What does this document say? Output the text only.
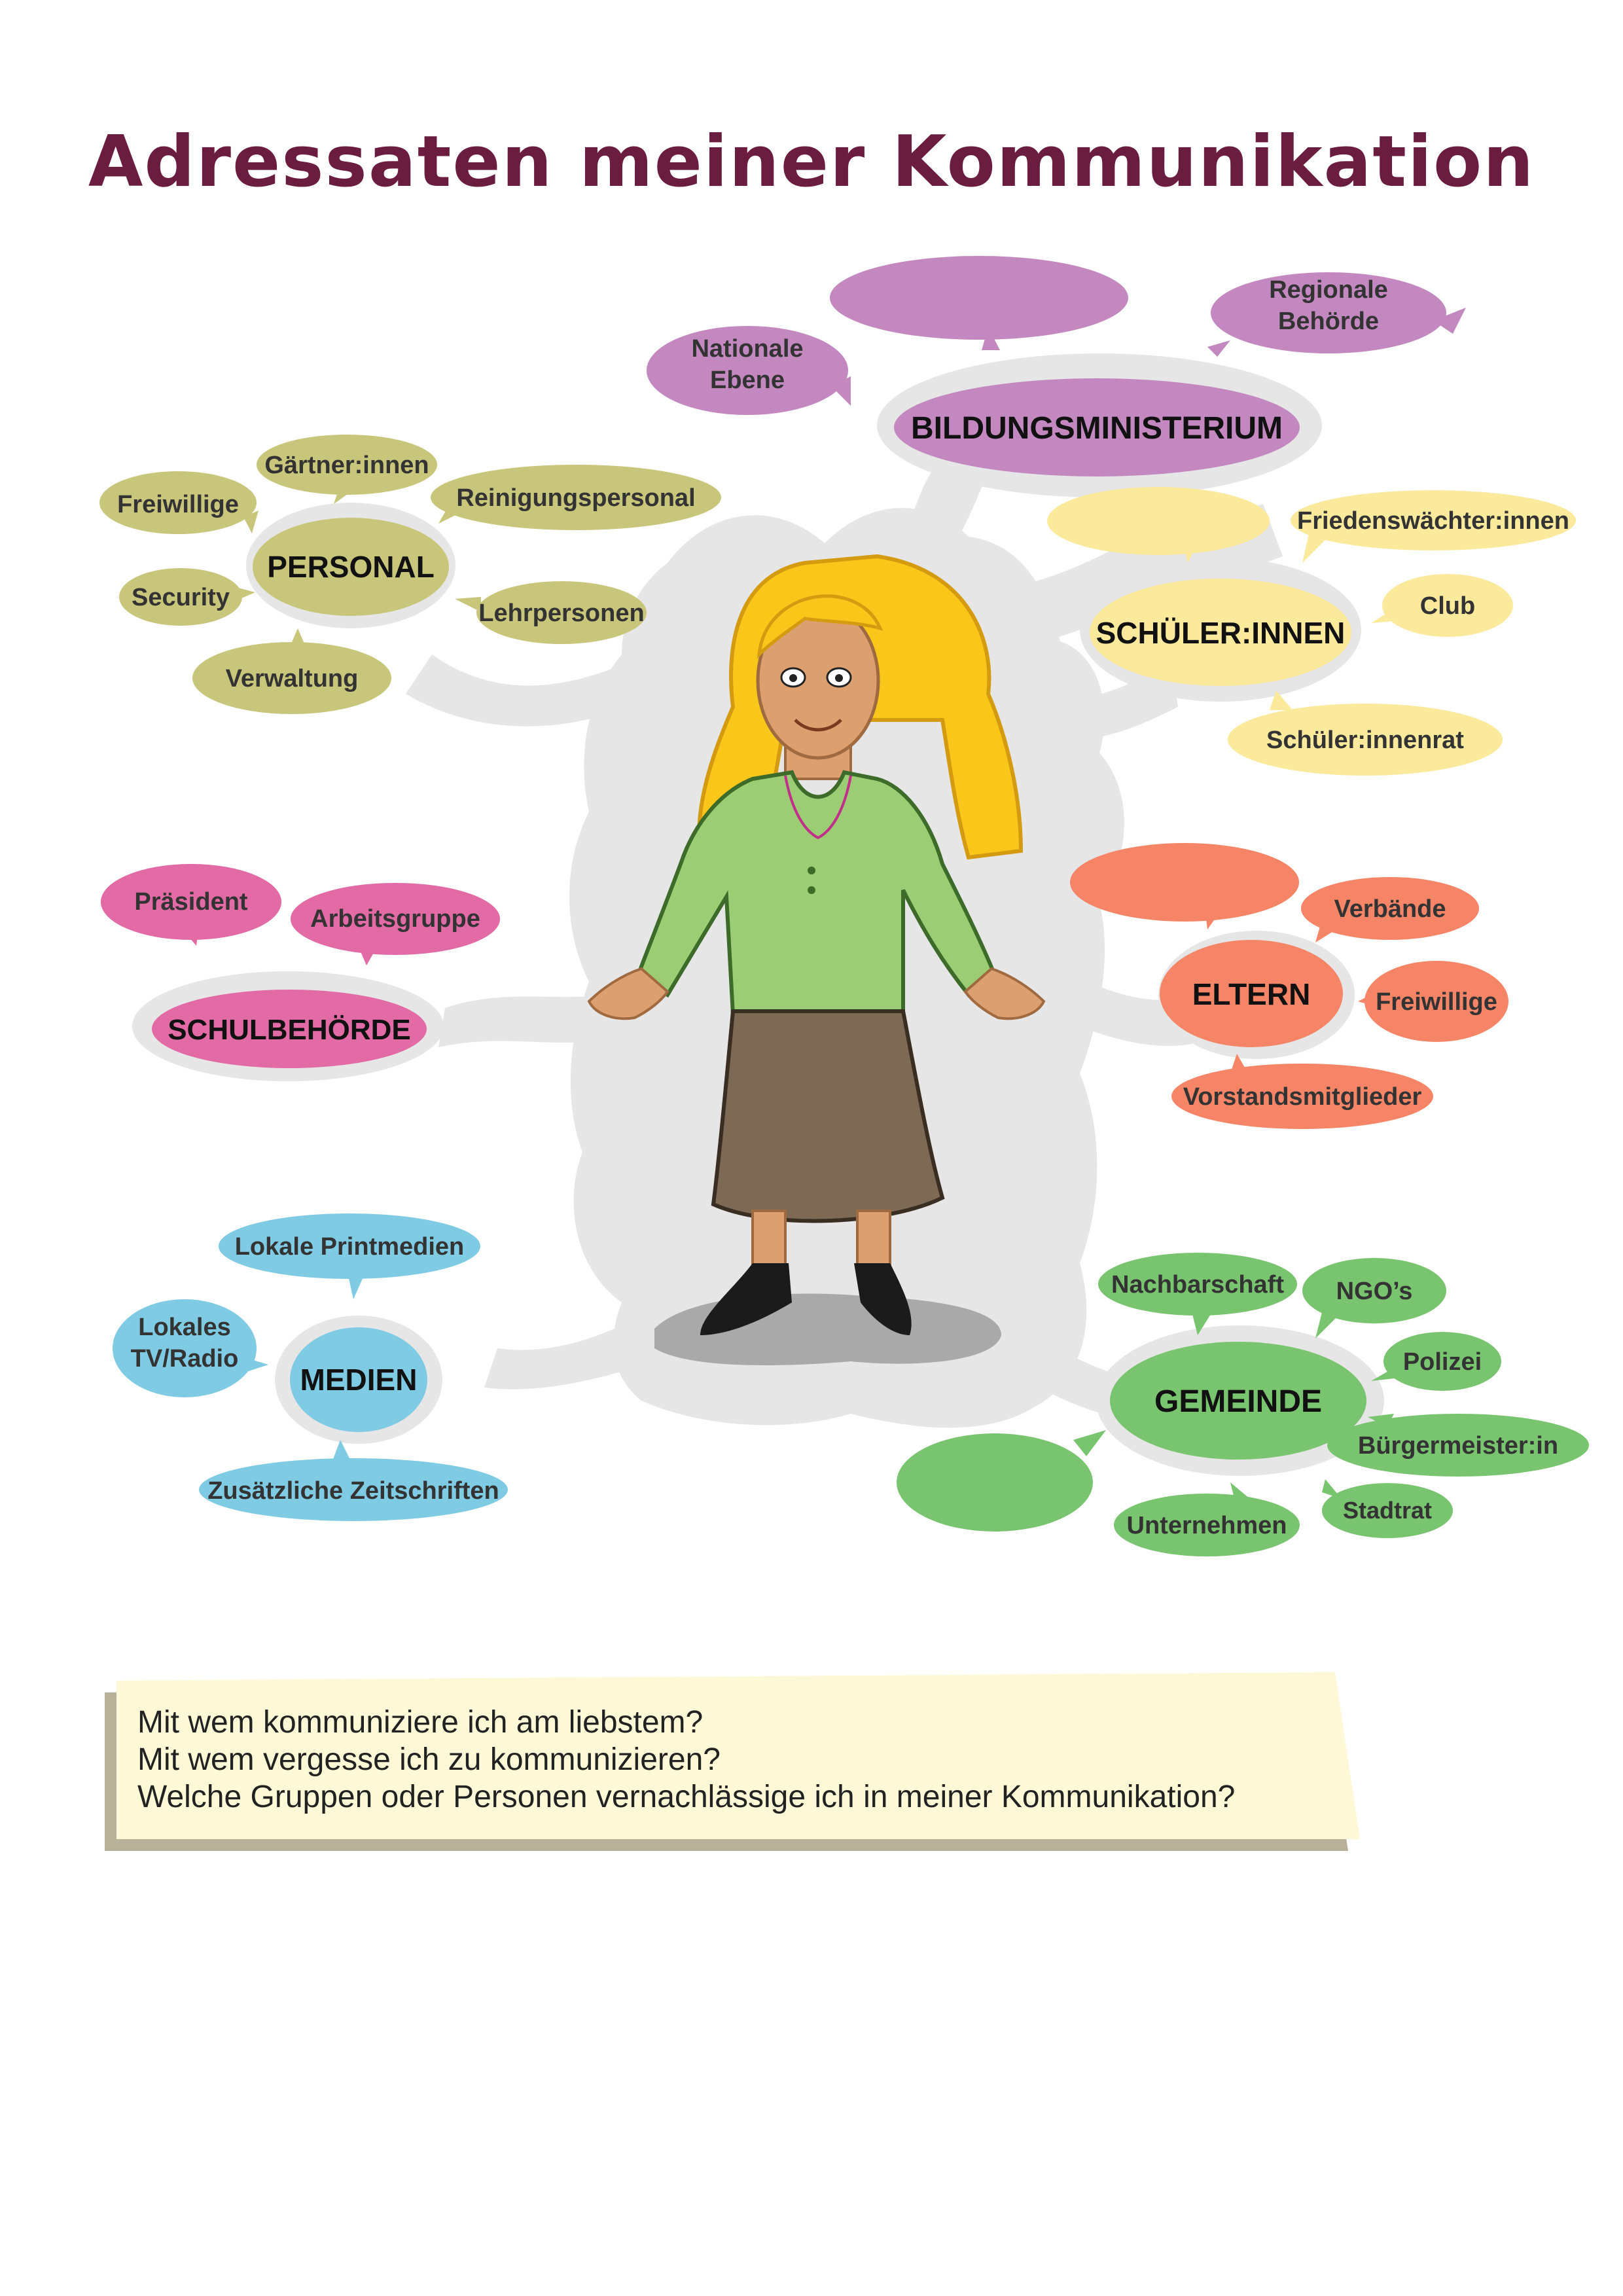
Adressaten meiner Kommunikation
Regionale Behörde
Nationale Ebene
BILDUNGSMINISTERIUM
Freiwillige
Gärtner:innen
Reinigungspersonal
Security
Lehrpersonen
Verwaltung
PERSONAL
Friedenswächter:innen
Club
Schüler:innenrat
SCHÜLER:INNEN
Präsident
Arbeitsgruppe
SCHULBEHÖRDE
Verbände
Freiwillige
Vorstandsmitglieder
ELTERN
Lokale Printmedien
Lokales TV/Radio
Zusätzliche Zeitschriften
MEDIEN
Nachbarschaft NGO’s
Polizei
Bürgermeister:in
Stadtrat
Unternehmen
GEMEINDE
Mit wem kommuniziere ich am liebstem?
Mit wem vergesse ich zu kommunizieren?
Welche Gruppen oder Personen vernachlässige ich in meiner Kommunikation?
